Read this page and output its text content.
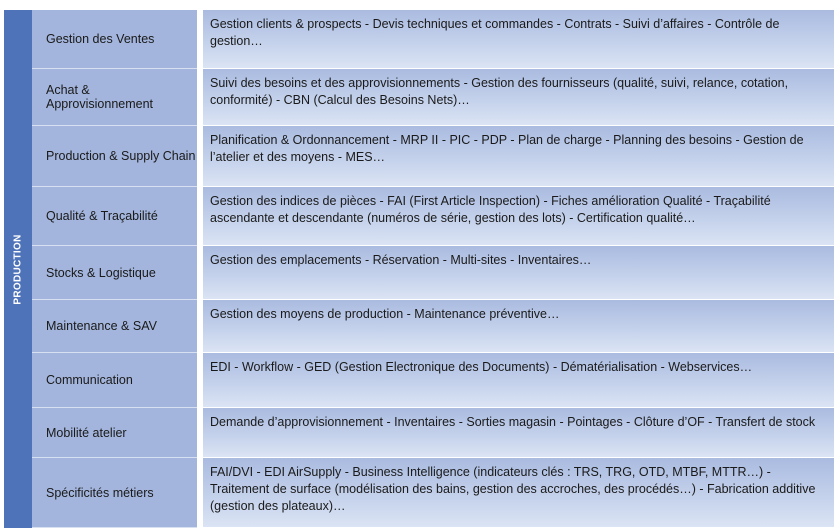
PRODUCTION
Gestion des Ventes
Gestion clients & prospects - Devis techniques et commandes - Contrats - Suivi d’affaires - Contrôle de gestion…
Achat & Approvisionnement
Suivi des besoins et des approvisionnements - Gestion des fournisseurs (qualité, suivi, relance, cotation, conformité) - CBN (Calcul des Besoins Nets)…
Production & Supply Chain
Planification & Ordonnancement - MRP II - PIC - PDP - Plan de charge - Planning des besoins - Gestion de l’atelier et des moyens - MES…
Qualité & Traçabilité
Gestion des indices de pièces - FAI (First Article Inspection) - Fiches amélioration Qualité - Traçabilité ascendante et descendante (numéros de série, gestion des lots) - Certification qualité…
Stocks & Logistique
Gestion des emplacements - Réservation - Multi-sites - Inventaires…
Maintenance & SAV
Gestion des moyens de production - Maintenance préventive…
Communication
EDI - Workflow - GED (Gestion Electronique des Documents) - Dématérialisation - Webservices…
Mobilité atelier
Demande d’approvisionnement - Inventaires - Sorties magasin - Pointages - Clôture d’OF - Transfert de stock
Spécificités métiers
FAI/DVI - EDI AirSupply - Business Intelligence (indicateurs clés : TRS, TRG, OTD, MTBF, MTTR…) - Traitement de surface (modélisation des bains, gestion des accroches, des procédés…) - Fabrication additive (gestion des plateaux)…
